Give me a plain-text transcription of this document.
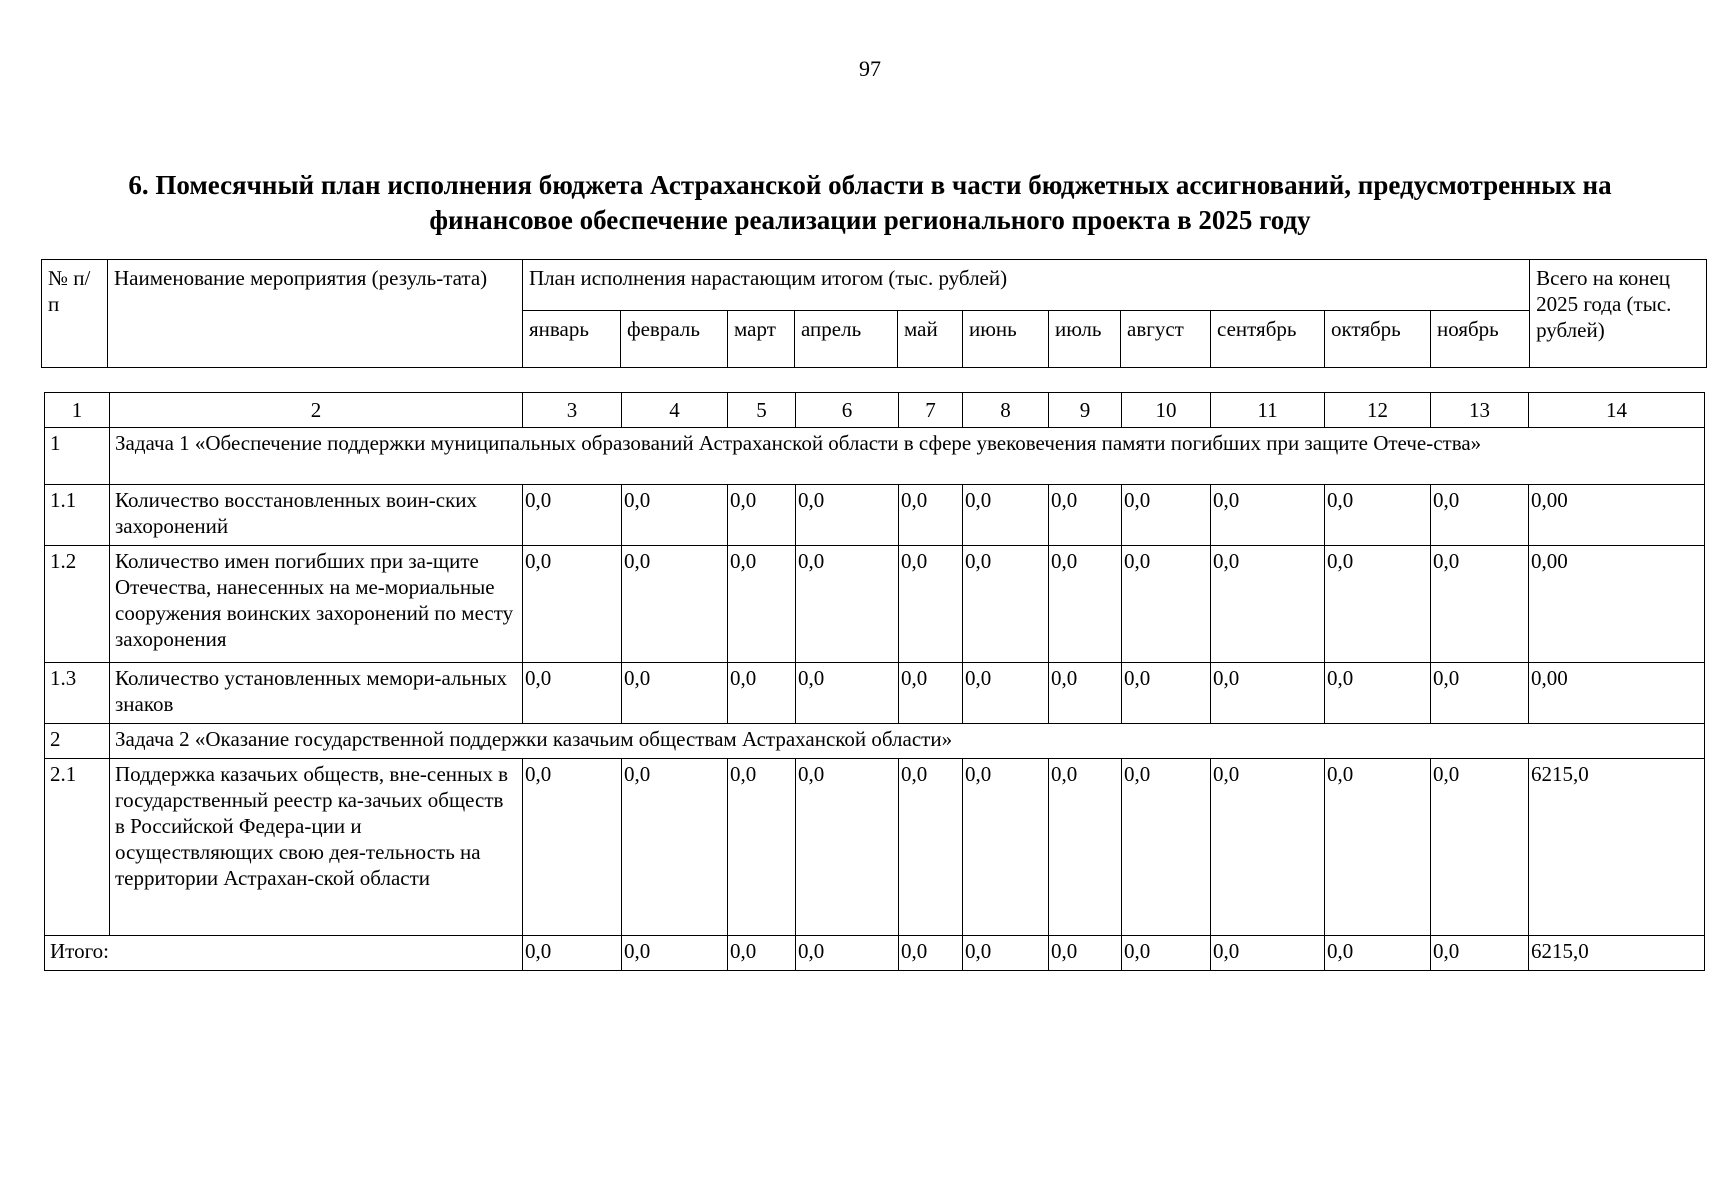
97
6. Помесячный план исполнения бюджета Астраханской области в части бюджетных ассигнований, предусмотренных на
финансовое обеспечение реализации регионального проекта в 2025 году
№ п/п	Наименование мероприятия (резуль-тата)	План исполнения нарастающим итогом (тыс. рублей)											Всего на конец 2025 года (тыс. рублей)
		январь	февраль	март	апрель	май	июнь	июль	август	сентябрь	октябрь	ноябрь	
1	2	3	4	5	6	7	8	9	10	11	12	13	14
1	Задача 1 «Обеспечение поддержки муниципальных образований Астраханской области в сфере увековечения памяти погибших при защите Отече-ства»												
1.1	Количество восстановленных воин-ских захоронений	0,0	0,0	0,0	0,0	0,0	0,0	0,0	0,0	0,0	0,0	0,0	0,00
1.2	Количество имен погибших при за-щите Отечества, нанесенных на ме-мориальные сооружения воинских захоронений по месту захоронения	0,0	0,0	0,0	0,0	0,0	0,0	0,0	0,0	0,0	0,0	0,0	0,00
1.3	Количество установленных мемори-альных знаков	0,0	0,0	0,0	0,0	0,0	0,0	0,0	0,0	0,0	0,0	0,0	0,00
2	Задача 2 «Оказание государственной поддержки казачьим обществам Астраханской области»												
2.1	Поддержка казачьих обществ, вне-сенных в государственный реестр ка-зачьих обществ в Российской Федера-ции и осуществляющих свою дея-тельность на территории Астрахан-ской области	0,0	0,0	0,0	0,0	0,0	0,0	0,0	0,0	0,0	0,0	0,0	6215,0
Итого:		0,0	0,0	0,0	0,0	0,0	0,0	0,0	0,0	0,0	0,0	0,0	6215,0
